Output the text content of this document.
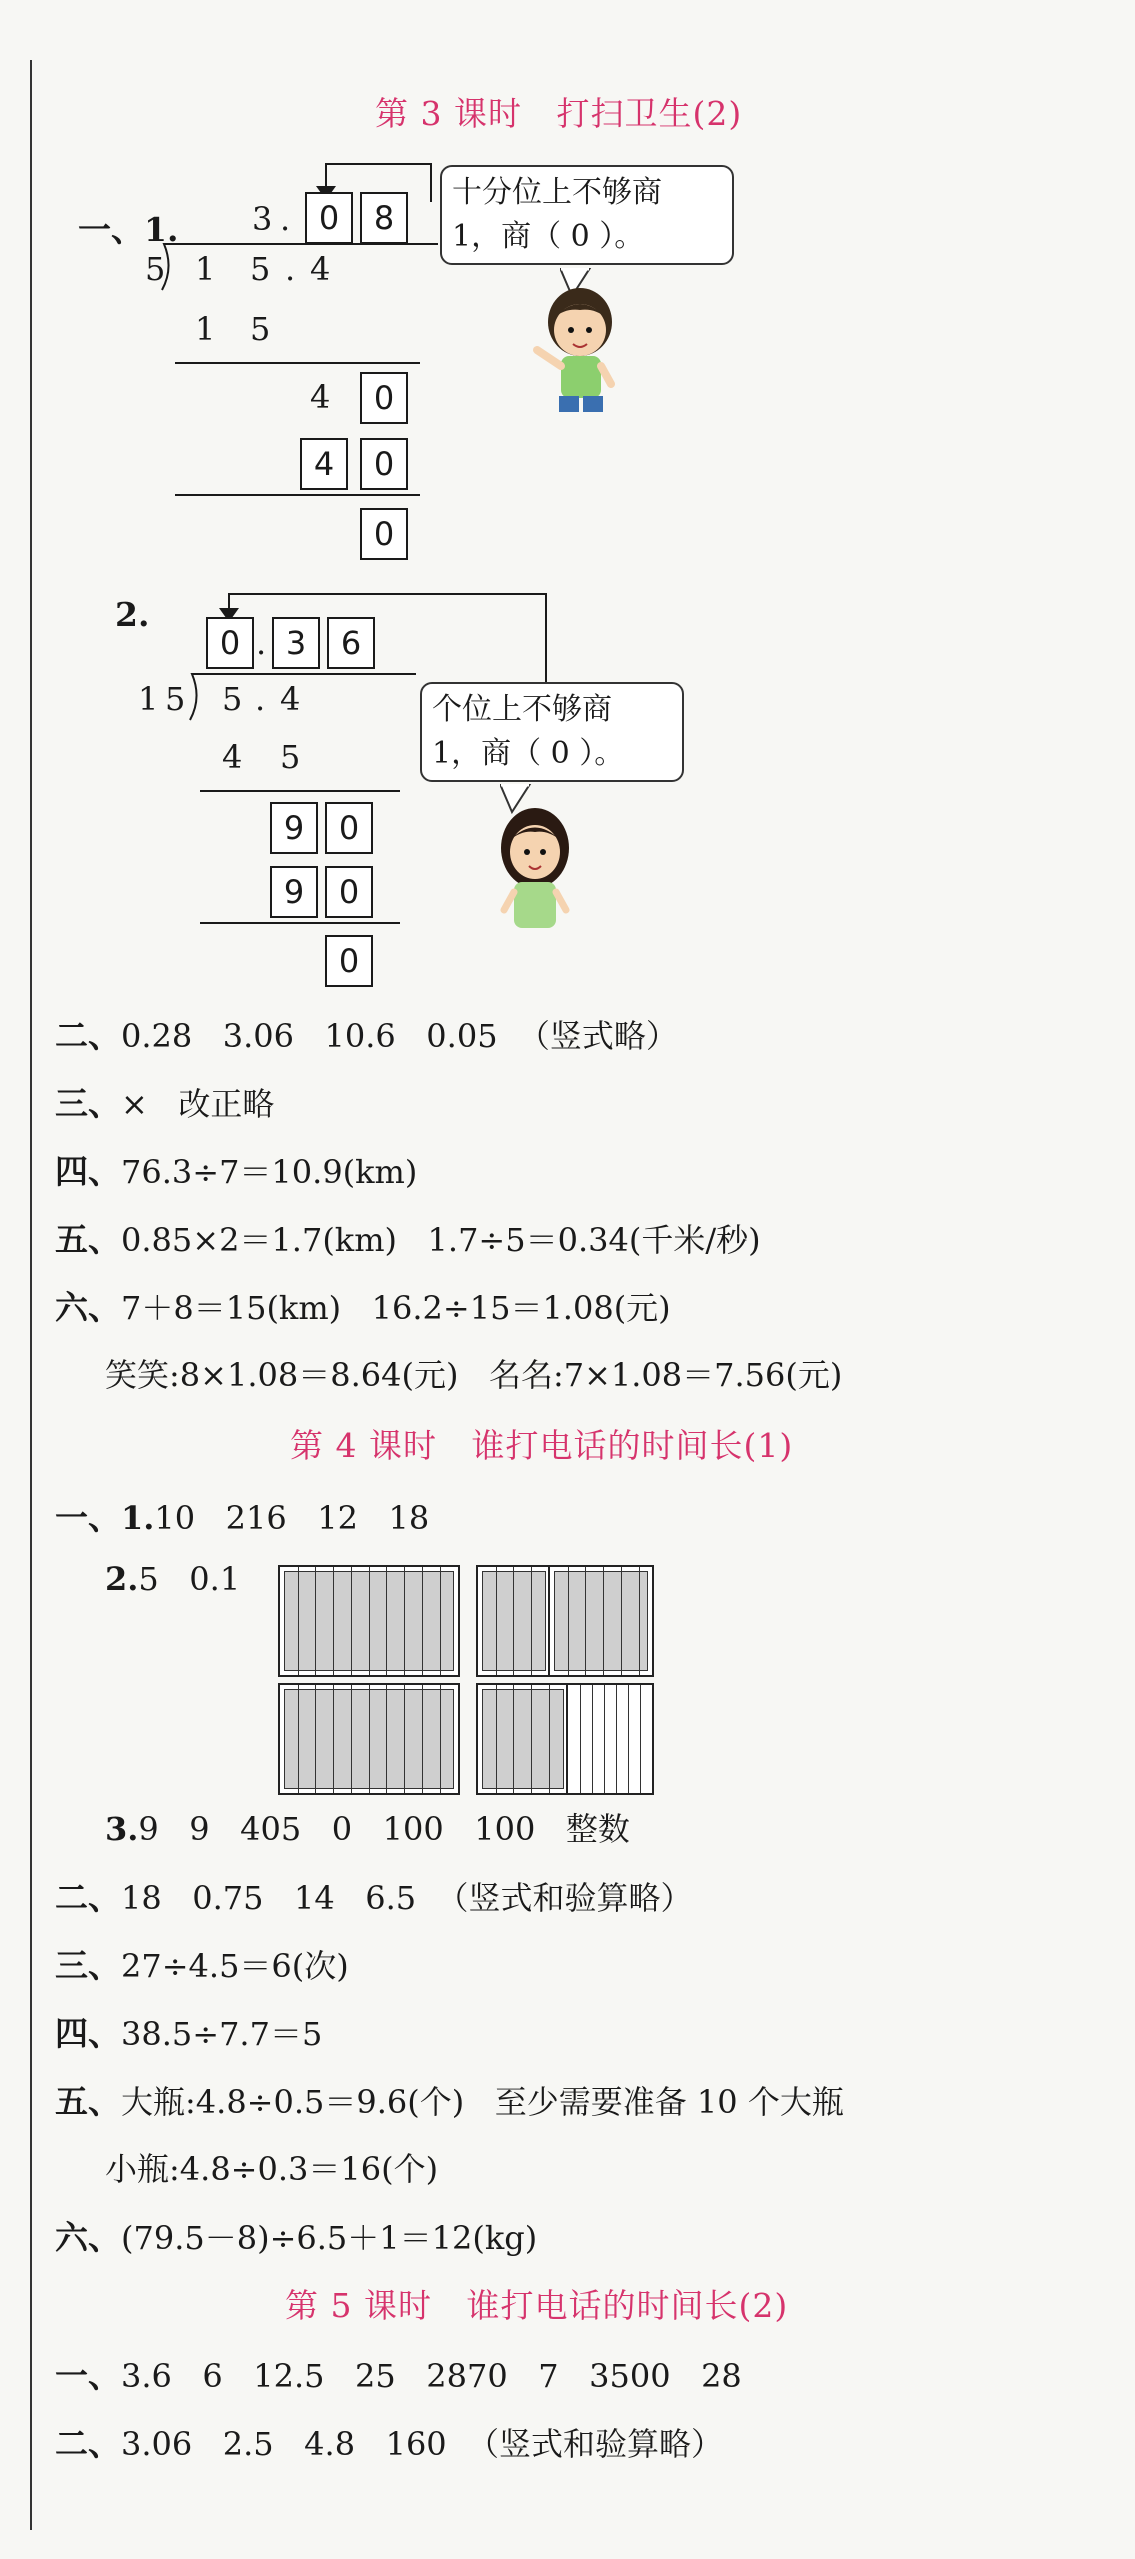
第 3 课时   打扫卫生(2)

一、1. 3 . 0	8
5 1 5 . 4
1 5
4	0
4	0
0
十分位上不够商
1，商（ 0 ）。
2.
0 . 3	6
1 5 5 . 4
4 5
9	0
9	0
0
个位上不够商
1，商（ 0 ）。
二、0.28   3.06   10.6   0.05  （竖式略）
三、×   改正略
四、76.3÷7＝10.9(km)
五、0.85×2＝1.7(km)   1.7÷5＝0.34(千米/秒)
六、7＋8＝15(km)   16.2÷15＝1.08(元)
笑笑:8×1.08＝8.64(元)   名名:7×1.08＝7.56(元)
第 4 课时   谁打电话的时间长(1)
一、1.10   216   12   18
2.5   0.1
3.9   9   405   0   100   100   整数
二、18   0.75   14   6.5  （竖式和验算略）
三、27÷4.5＝6(次)
四、38.5÷7.7＝5
五、大瓶:4.8÷0.5＝9.6(个)   至少需要准备 10 个大瓶
小瓶:4.8÷0.3＝16(个)
六、(79.5－8)÷6.5＋1＝12(kg)
第 5 课时   谁打电话的时间长(2)
一、3.6   6   12.5   25   2870   7   3500   28
二、3.06   2.5   4.8   160  （竖式和验算略）
